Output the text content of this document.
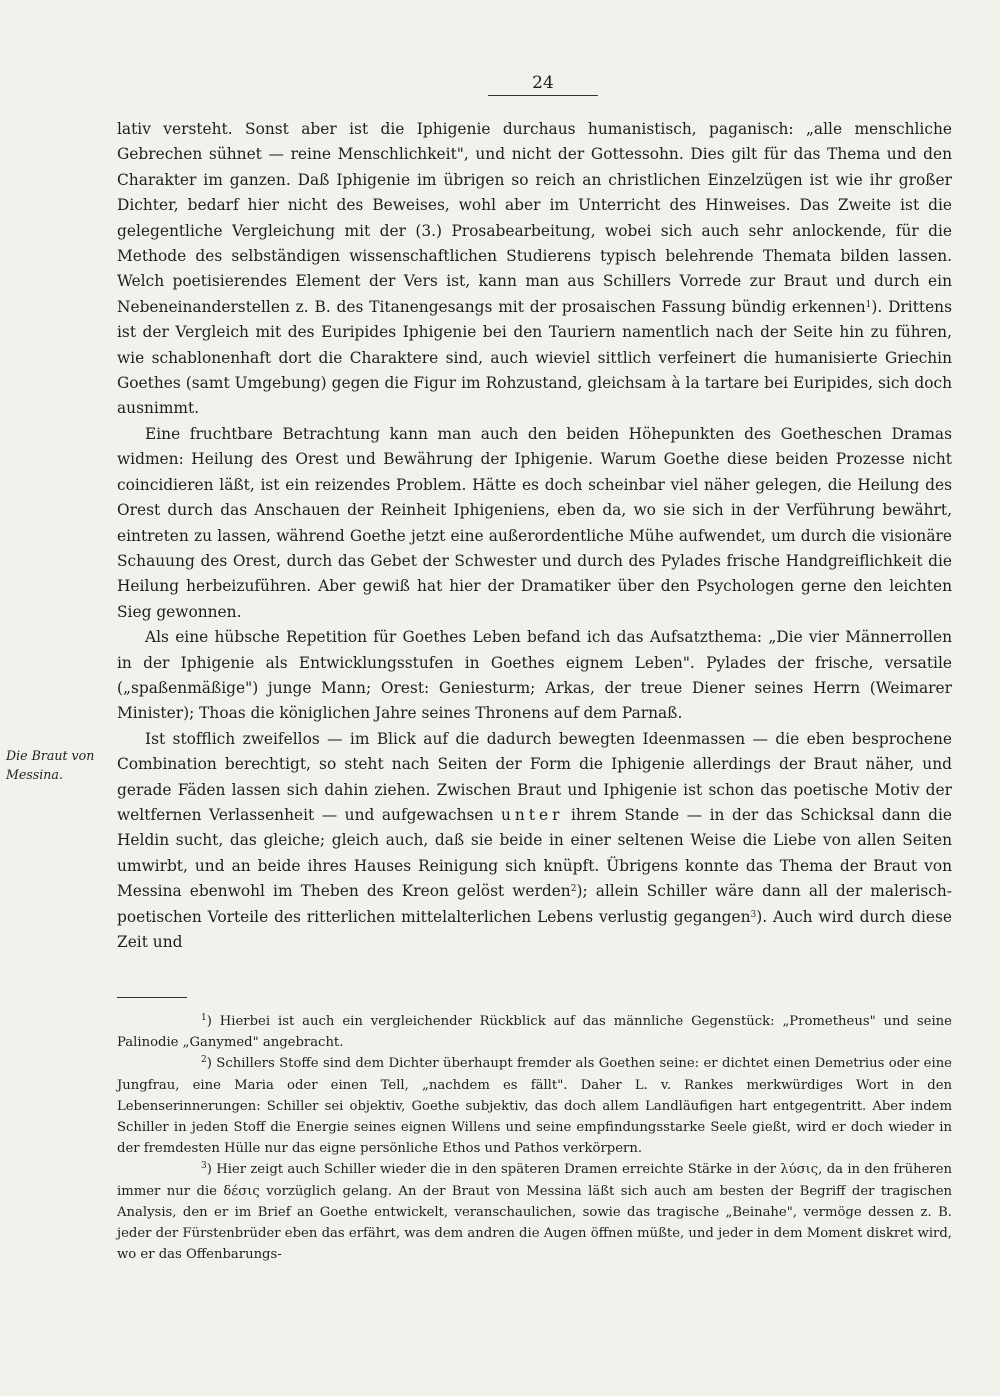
24
Die Braut von Messina.

lativ versteht. Sonst aber ist die Iphigenie durchaus humanistisch, paganisch: „alle menschliche Gebrechen sühnet — reine Menschlichkeit", und nicht der Gottessohn. Dies gilt für das Thema und den Charakter im ganzen. Daß Iphigenie im übrigen so reich an christlichen Einzelzügen ist wie ihr großer Dichter, bedarf hier nicht des Beweises, wohl aber im Unterricht des Hinweises. Das Zweite ist die gelegentliche Vergleichung mit der (3.) Prosabearbeitung, wobei sich auch sehr anlockende, für die Methode des selbständigen wissenschaftlichen Studierens typisch belehrende Themata bilden lassen. Welch poetisierendes Element der Vers ist, kann man aus Schillers Vorrede zur Braut und durch ein Nebeneinanderstellen z. B. des Titanengesangs mit der prosaischen Fassung bündig erkennen$^1$). Drittens ist der Vergleich mit des Euripides Iphigenie bei den Tauriern namentlich nach der Seite hin zu führen, wie schablonenhaft dort die Charaktere sind, auch wieviel sittlich verfeinert die humanisierte Griechin Goethes (samt Umgebung) gegen die Figur im Rohzustand, gleichsam à la tartare bei Euripides, sich doch ausnimmt.

Eine fruchtbare Betrachtung kann man auch den beiden Höhepunkten des Goetheschen Dramas widmen: Heilung des Orest und Bewährung der Iphigenie. Warum Goethe diese beiden Prozesse nicht coincidieren läßt, ist ein reizendes Problem. Hätte es doch scheinbar viel näher gelegen, die Heilung des Orest durch das Anschauen der Reinheit Iphigeniens, eben da, wo sie sich in der Verführung bewährt, eintreten zu lassen, während Goethe jetzt eine außerordentliche Mühe aufwendet, um durch die visionäre Schauung des Orest, durch das Gebet der Schwester und durch des Pylades frische Handgreiflichkeit die Heilung herbeizuführen. Aber gewiß hat hier der Dramatiker über den Psychologen gerne den leichten Sieg gewonnen.

Als eine hübsche Repetition für Goethes Leben befand ich das Aufsatzthema: „Die vier Männerrollen in der Iphigenie als Entwicklungsstufen in Goethes eignem Leben". Pylades der frische, versatile („spaßenmäßige") junge Mann; Orest: Geniesturm; Arkas, der treue Diener seines Herrn (Weimarer Minister); Thoas die königlichen Jahre seines Thronens auf dem Parnaß.

Ist stofflich zweifellos — im Blick auf die dadurch bewegten Ideenmassen — die eben besprochene Combination berechtigt, so steht nach Seiten der Form die Iphigenie allerdings der Braut näher, und gerade Fäden lassen sich dahin ziehen. Zwischen Braut und Iphigenie ist schon das poetische Motiv der weltfernen Verlassenheit — und aufgewachsen unter ihrem Stande — in der das Schicksal dann die Heldin sucht, das gleiche; gleich auch, daß sie beide in einer seltenen Weise die Liebe von allen Seiten umwirbt, und an beide ihres Hauses Reinigung sich knüpft. Übrigens konnte das Thema der Braut von Messina ebenwohl im Theben des Kreon gelöst werden$^2$); allein Schiller wäre dann all der malerisch-poetischen Vorteile des ritterlichen mittelalterlichen Lebens verlustig gegangen$^3$). Auch wird durch diese Zeit und

$^1$) Hierbei ist auch ein vergleichender Rückblick auf das männliche Gegenstück: „Prometheus" und seine Palinodie „Ganymed" angebracht.

$^2$) Schillers Stoffe sind dem Dichter überhaupt fremder als Goethen seine: er dichtet einen Demetrius oder eine Jungfrau, eine Maria oder einen Tell, „nachdem es fällt". Daher L. v. Rankes merkwürdiges Wort in den Lebenserinnerungen: Schiller sei objektiv, Goethe subjektiv, das doch allem Landläufigen hart entgegentritt. Aber indem Schiller in jeden Stoff die Energie seines eignen Willens und seine empfindungsstarke Seele gießt, wird er doch wieder in der fremdesten Hülle nur das eigne persönliche Ethos und Pathos verkörpern.

$^3$) Hier zeigt auch Schiller wieder die in den späteren Dramen erreichte Stärke in der λύσις, da in den früheren immer nur die δέσις vorzüglich gelang. An der Braut von Messina läßt sich auch am besten der Begriff der tragischen Analysis, den er im Brief an Goethe entwickelt, veranschaulichen, sowie das tragische „Beinahe", vermöge dessen z. B. jeder der Fürstenbrüder eben das erfährt, was dem andren die Augen öffnen müßte, und jeder in dem Moment diskret wird, wo er das Offenbarungs-
